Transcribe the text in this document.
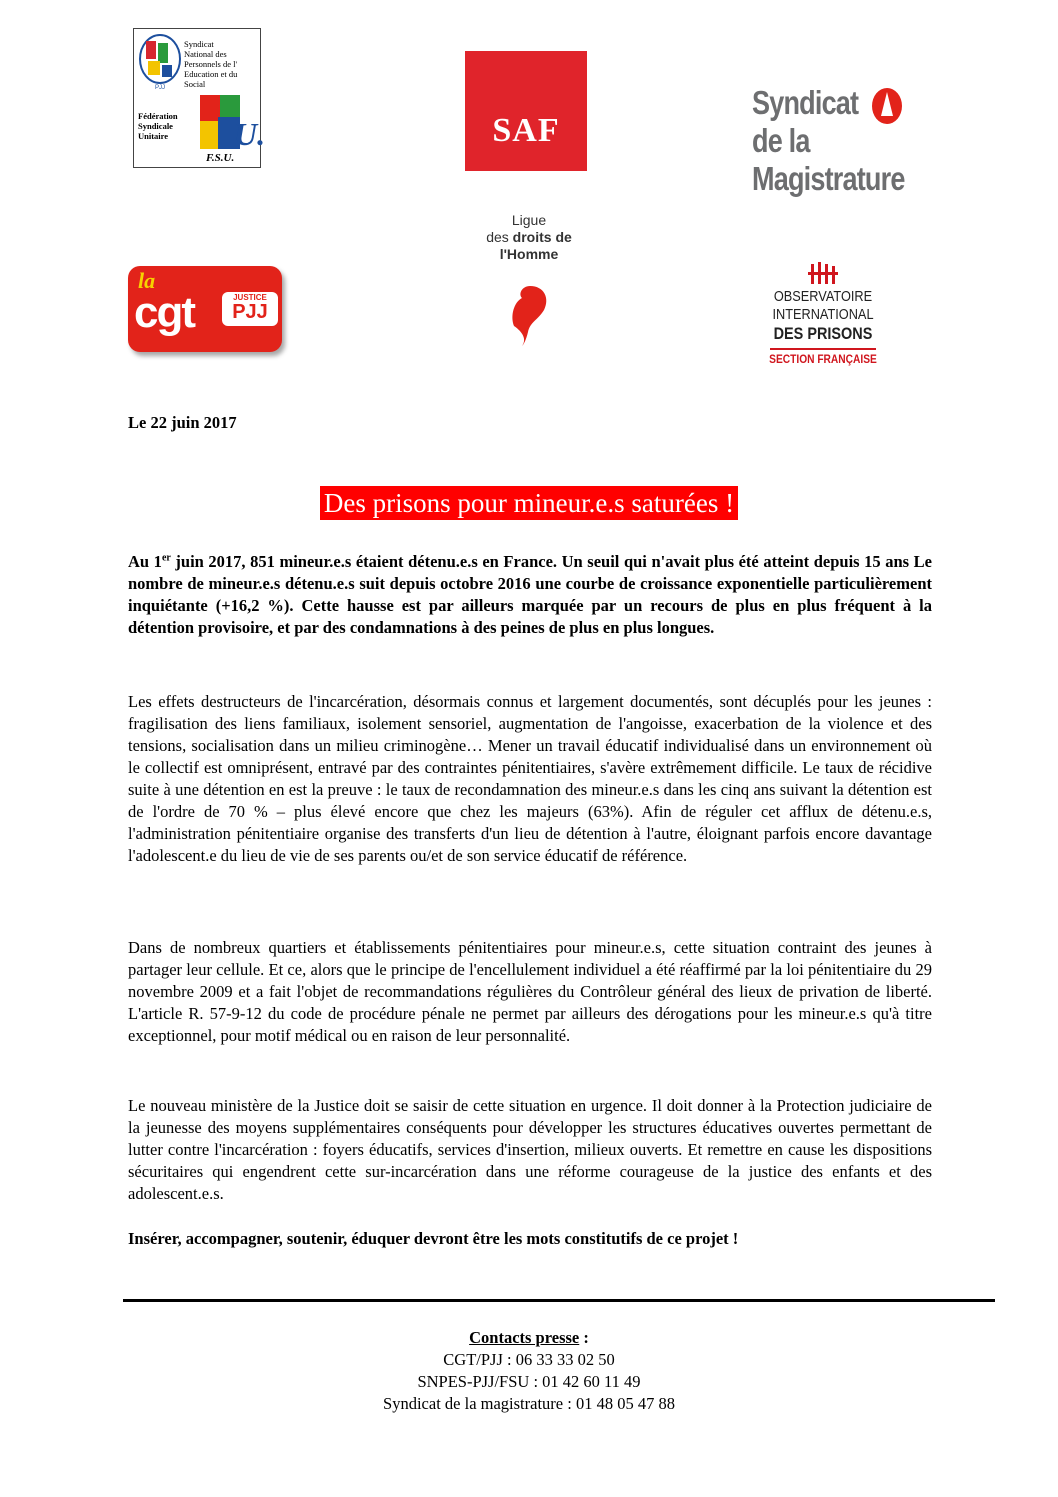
PJJ
Syndicat
National des
Personnels de l'
Education et du
Social
Fédération
Syndicale
Unitaire	U.
F.S.U.
SAF
Syndicat
de la Magistrature
Ligue
des droits de
l'Homme
la
cgt	JUSTICE
PJJ
OBSERVATOIRE INTERNATIONAL
DES PRISONS
SECTION FRANÇAISE
Le 22 juin 2017
Des prisons pour mineur.e.s saturées !
Au 1er juin 2017, 851 mineur.e.s étaient détenu.e.s en France. Un seuil qui n'avait plus été atteint depuis 15 ans Le nombre de mineur.e.s détenu.e.s suit depuis octobre 2016 une courbe de croissance exponentielle particulièrement inquiétante (+16,2 %). Cette hausse est par ailleurs marquée par un recours de plus en plus fréquent à la détention provisoire, et par des condamnations à des peines de plus en plus longues.
Les effets destructeurs de l'incarcération, désormais connus et largement documentés, sont décuplés pour les jeunes : fragilisation des liens familiaux, isolement sensoriel, augmentation de l'angoisse, exacerbation de la violence et des tensions, socialisation dans un milieu criminogène… Mener un travail éducatif individualisé dans un environnement où le collectif est omniprésent, entravé par des contraintes pénitentiaires, s'avère extrêmement difficile. Le taux de récidive suite à une détention en est la preuve : le taux de recondamnation des mineur.e.s dans les cinq ans suivant la détention est de l'ordre de 70 % – plus élevé encore que chez les majeurs (63%). Afin de réguler cet afflux de détenu.e.s, l'administration pénitentiaire organise des transferts d'un lieu de détention à l'autre, éloignant parfois encore davantage l'adolescent.e du lieu de vie de ses parents ou/et de son service éducatif de référence.
Dans de nombreux quartiers et établissements pénitentiaires pour mineur.e.s, cette situation contraint des jeunes à partager leur cellule. Et ce, alors que le principe de l'encellulement individuel a été réaffirmé par la loi pénitentiaire du 29 novembre 2009 et a fait l'objet de recommandations régulières du Contrôleur général des lieux de privation de liberté. L'article R. 57-9-12 du code de procédure pénale ne permet par ailleurs des dérogations pour les mineur.e.s qu'à titre exceptionnel, pour motif médical ou en raison de leur personnalité.
Le nouveau ministère de la Justice doit se saisir de cette situation en urgence. Il doit donner à la Protection judiciaire de la jeunesse des moyens supplémentaires conséquents pour développer les structures éducatives ouvertes permettant de lutter contre l'incarcération : foyers éducatifs, services d'insertion, milieux ouverts. Et remettre en cause les dispositions sécuritaires qui engendrent cette sur-incarcération dans une réforme courageuse de la justice des enfants et des adolescent.e.s.
Insérer, accompagner, soutenir, éduquer devront être les mots constitutifs de ce projet !
Contacts presse :
CGT/PJJ : 06 33 33 02 50
SNPES-PJJ/FSU : 01 42 60 11 49
Syndicat de la magistrature : 01 48 05 47 88
